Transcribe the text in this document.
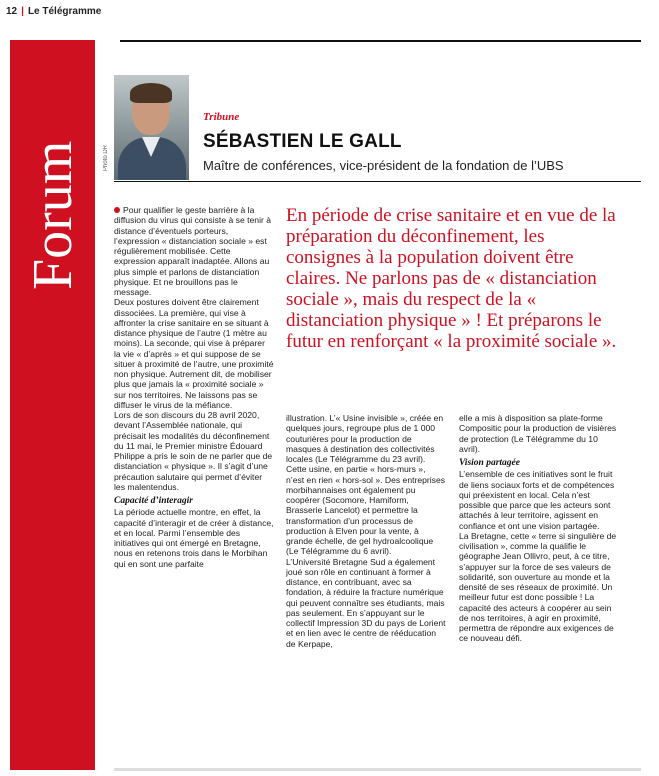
12 | Le Télégramme
Forum	Photo DR
Tribune
SÉBASTIEN LE GALL
Maître de conférences, vice-président de la fondation de l’UBS
En période de crise sanitaire et en vue de la préparation du déconfinement, les consignes à la population doivent être claires. Ne parlons pas de « distanciation sociale », mais du respect de la « distanciation physique » ! Et préparons le futur en renforçant « la proximité sociale ».

Pour qualifier le geste barrière à la diffusion du virus qui consiste à se tenir à distance d’éventuels porteurs, l’expression « distanciation sociale » est régulièrement mobilisée. Cette expression apparaît inadaptée. Allons au plus simple et parlons de distanciation physique. Et ne brouillons pas le message.

Deux postures doivent être clairement dissociées. La première, qui vise à affronter la crise sanitaire en se situant à distance physique de l’autre (1 mètre au moins). La seconde, qui vise à préparer la vie « d’après » et qui suppose de se situer à proximité de l’autre, une proximité non physique. Autrement dit, de mobiliser plus que jamais la « proximité sociale » sur nos territoires. Ne laissons pas se diffuser le virus de la méfiance.

Lors de son discours du 28 avril 2020, devant l’Assemblée nationale, qui précisait les modalités du déconfinement du 11 mai, le Premier ministre Édouard Philippe a pris le soin de ne parler que de distanciation « physique ». Il s’agit d’une précaution salutaire qui permet d’éviter les malentendus.

Capacité d’interagir

La période actuelle montre, en effet, la capacité d’interagir et de créer à distance, et en local. Parmi l’ensemble des initiatives qui ont émergé en Bretagne, nous en retenons trois dans le Morbihan qui en sont une parfaite

illustration. L’« Usine invisible », créée en quelques jours, regroupe plus de 1 000 couturières pour la production de masques à destination des collectivités locales (Le Télégramme du 23 avril). Cette usine, en partie « hors-murs », n’est en rien « hors-sol ». Des entreprises morbihannaises ont également pu coopérer (Socomore, Hamiform, Brasserie Lancelot) et permettre la transformation d’un processus de production à Elven pour la vente, à grande échelle, de gel hydroalcoolique (Le Télégramme du 6 avril).

L’Université Bretagne Sud a également joué son rôle en continuant à former à distance, en contribuant, avec sa fondation, à réduire la fracture numérique qui peuvent connaître ses étudiants, mais pas seulement. En s’appuyant sur le collectif Impression 3D du pays de Lorient et en lien avec le centre de rééducation de Kerpape,

elle a mis à disposition sa plate-forme Compositic pour la production de visières de protection (Le Télégramme du 10 avril).

Vision partagée

L’ensemble de ces initiatives sont le fruit de liens sociaux forts et de compétences qui préexistent en local. Cela n’est possible que parce que les acteurs sont attachés à leur territoire, agissent en confiance et ont une vision partagée.

La Bretagne, cette « terre si singulière de civilisation », comme la qualifie le géographe Jean Ollivro, peut, à ce titre, s’appuyer sur la force de ses valeurs de solidarité, son ouverture au monde et la densité de ses réseaux de proximité. Un meilleur futur est donc possible ! La capacité des acteurs à coopérer au sein de nos territoires, à agir en proximité, permettra de répondre aux exigences de ce nouveau défi.
